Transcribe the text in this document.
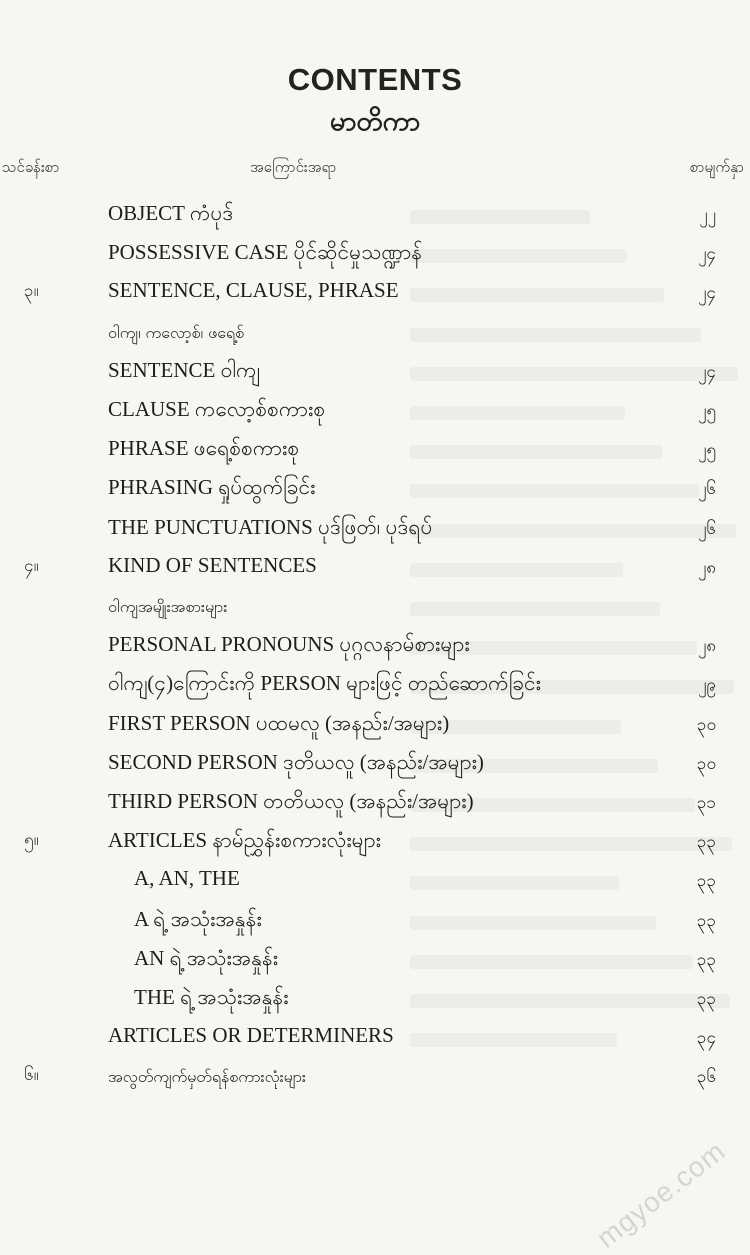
CONTENTS
မာတိကာ
သင်ခန်းစာ	အကြောင်းအရာ	စာမျက်နှာ
OBJECT ကံပုဒ်	၂၂
POSSESSIVE CASE ပိုင်ဆိုင်မှုသဏ္ဍာန်	၂၄
၃။	SENTENCE, CLAUSE, PHRASE	၂၄
ဝါကျ၊ ကလော့စ်၊ ဖရေ့စ်
SENTENCE ဝါကျ	၂၄
CLAUSE ကလော့စ်စကားစု	၂၅
PHRASE ဖရေ့စ်စကားစု	၂၅
PHRASING ရှုပ်ထွက်ခြင်း	၂၆
THE PUNCTUATIONS ပုဒ်ဖြတ်၊ ပုဒ်ရပ်	၂၆
၄။	KIND OF SENTENCES	၂၈
ဝါကျအမျိုးအစားများ
PERSONAL PRONOUNS ပုဂ္ဂလနာမ်စားများ	၂၈
ဝါကျ(၄)ကြောင်းကို PERSON များဖြင့် တည်ဆောက်ခြင်း	၂၉
FIRST PERSON ပထမလူ (အနည်း/အများ)	၃၀
SECOND PERSON ဒုတိယလူ (အနည်း/အများ)	၃၀
THIRD PERSON တတိယလူ (အနည်း/အများ)	၃၁
၅။	ARTICLES နာမ်ညွှန်းစကားလုံးများ	၃၃
A, AN, THE	၃၃
A ရဲ့ အသုံးအနှုန်း	၃၃
AN ရဲ့ အသုံးအနှုန်း	၃၃
THE ရဲ့ အသုံးအနှုန်း	၃၃
ARTICLES OR DETERMINERS	၃၄
၆။	အလွတ်ကျက်မှတ်ရန်စကားလုံးများ	၃၆
mgyoe.com
